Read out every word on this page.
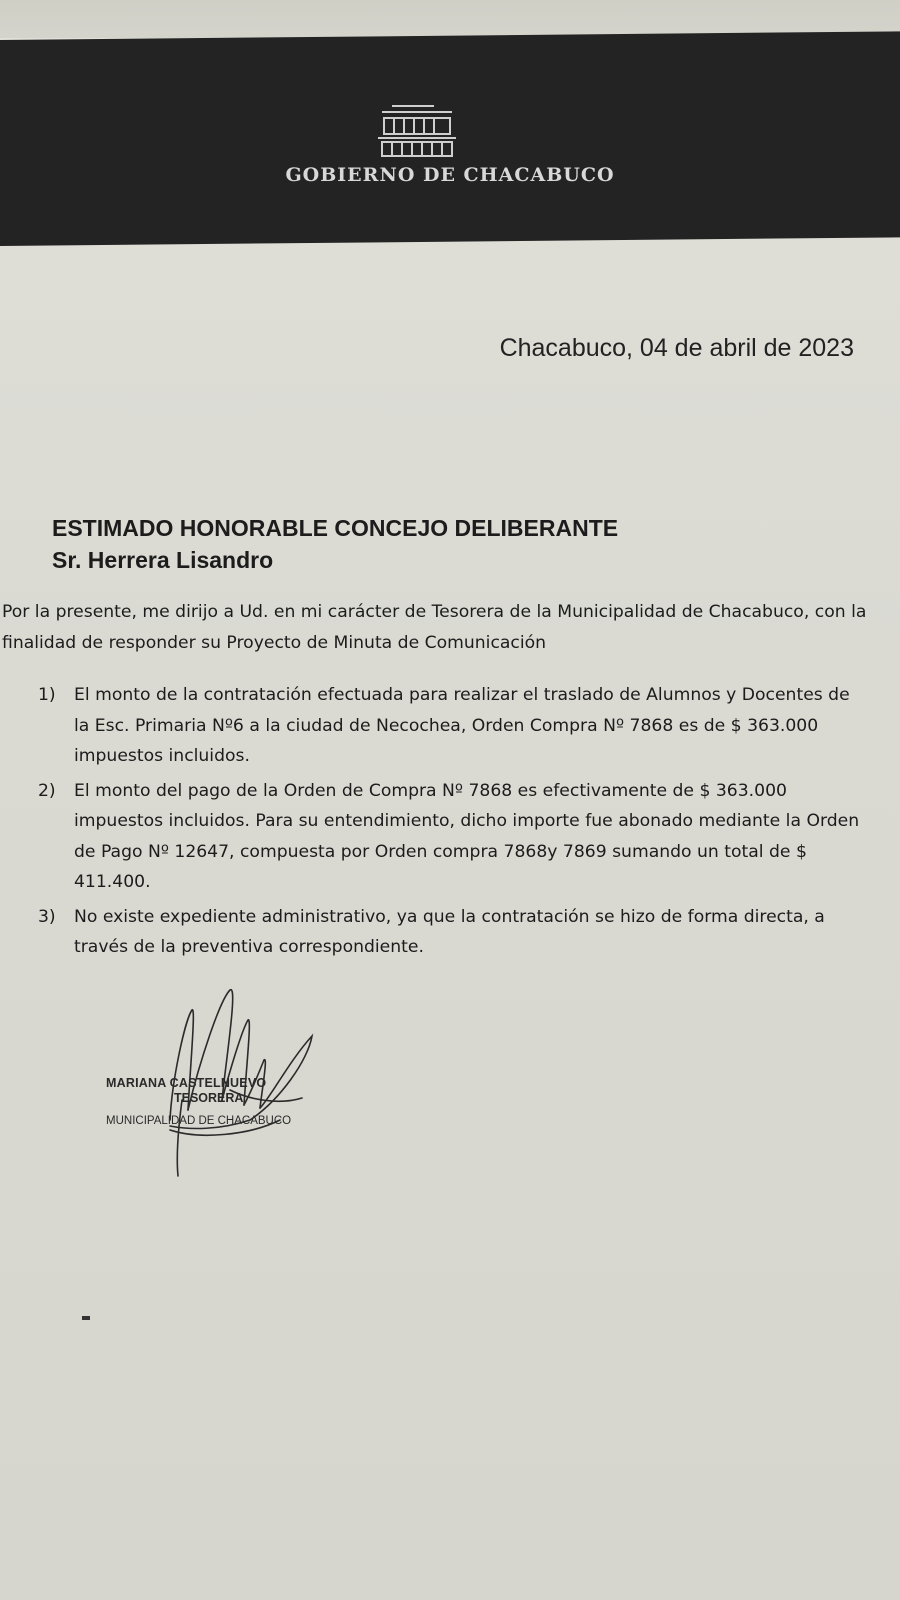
GOBIERNO DE CHACABUCO
Chacabuco, 04 de abril de 2023
ESTIMADO HONORABLE CONCEJO DELIBERANTE
Sr. Herrera Lisandro
Por la presente, me dirijo a Ud. en mi carácter de Tesorera de la Municipalidad de Chacabuco, con la finalidad de responder su Proyecto de Minuta de Comunicación
1) El monto de la contratación efectuada para realizar el traslado de Alumnos y Docentes de la Esc. Primaria Nº6 a la ciudad de Necochea, Orden Compra Nº 7868 es de $ 363.000 impuestos incluidos.
2) El monto del pago de la Orden de Compra Nº 7868 es efectivamente de $ 363.000 impuestos incluidos. Para su entendimiento, dicho importe fue abonado mediante la Orden de Pago Nº 12647, compuesta por Orden compra 7868y 7869 sumando un total de $ 411.400.
3) No existe expediente administrativo, ya que la contratación se hizo de forma directa, a través de la preventiva correspondiente.
MARIANA CASTELNUEVO
TESORERA
MUNICIPALIDAD DE CHACABUCO
